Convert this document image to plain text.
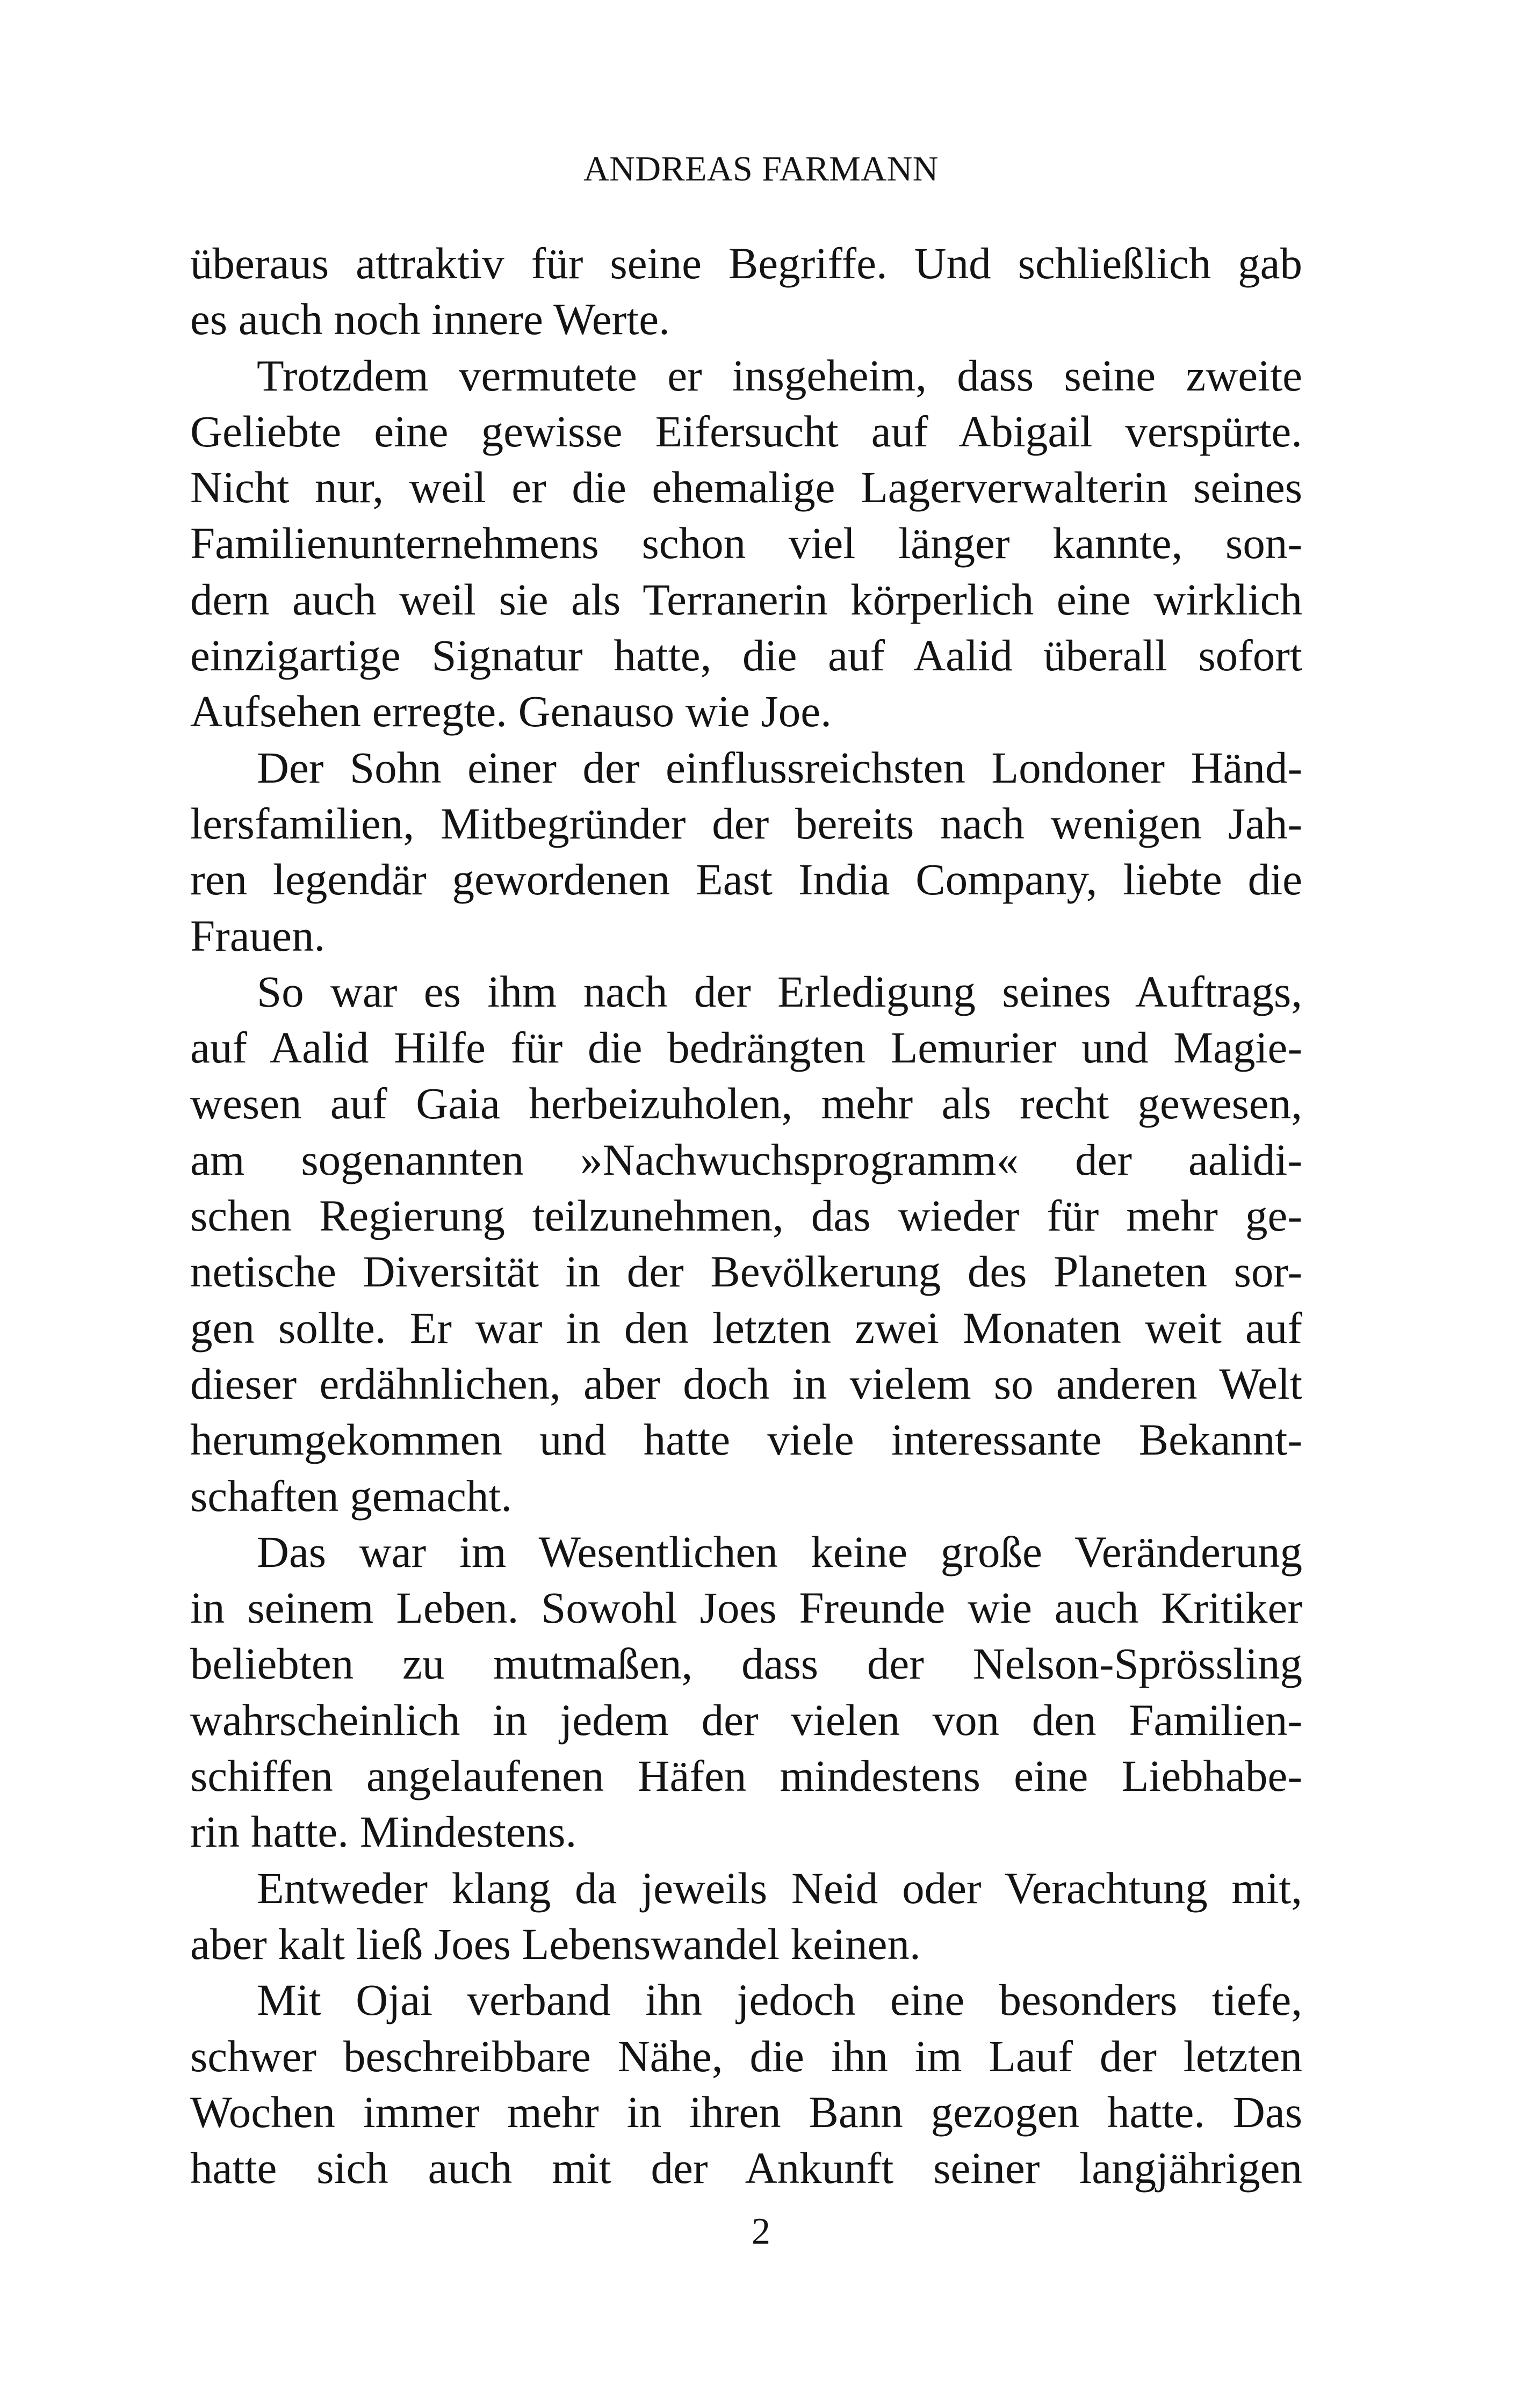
ANDREAS FARMANN
überaus attraktiv für seine Begriffe. Und schließlich gab
es auch noch innere Werte.
Trotzdem vermutete er insgeheim, dass seine zweite
Geliebte eine gewisse Eifersucht auf Abigail verspürte.
Nicht nur, weil er die ehemalige Lagerverwalterin seines
Familienunternehmens schon viel länger kannte, son-
dern auch weil sie als Terranerin körperlich eine wirklich
einzigartige Signatur hatte, die auf Aalid überall sofort
Aufsehen erregte. Genauso wie Joe.
Der Sohn einer der einflussreichsten Londoner Händ-
lersfamilien, Mitbegründer der bereits nach wenigen Jah-
ren legendär gewordenen East India Company, liebte die
Frauen.
So war es ihm nach der Erledigung seines Auftrags,
auf Aalid Hilfe für die bedrängten Lemurier und Magie-
wesen auf Gaia herbeizuholen, mehr als recht gewesen,
am sogenannten »Nachwuchsprogramm« der aalidi-
schen Regierung teilzunehmen, das wieder für mehr ge-
netische Diversität in der Bevölkerung des Planeten sor-
gen sollte. Er war in den letzten zwei Monaten weit auf
dieser erdähnlichen, aber doch in vielem so anderen Welt
herumgekommen und hatte viele interessante Bekannt-
schaften gemacht.
Das war im Wesentlichen keine große Veränderung
in seinem Leben. Sowohl Joes Freunde wie auch Kritiker
beliebten zu mutmaßen, dass der Nelson-Sprössling
wahrscheinlich in jedem der vielen von den Familien-
schiffen angelaufenen Häfen mindestens eine Liebhabe-
rin hatte. Mindestens.
Entweder klang da jeweils Neid oder Verachtung mit,
aber kalt ließ Joes Lebenswandel keinen.
Mit Ojai verband ihn jedoch eine besonders tiefe,
schwer beschreibbare Nähe, die ihn im Lauf der letzten
Wochen immer mehr in ihren Bann gezogen hatte. Das
hatte sich auch mit der Ankunft seiner langjährigen
2
